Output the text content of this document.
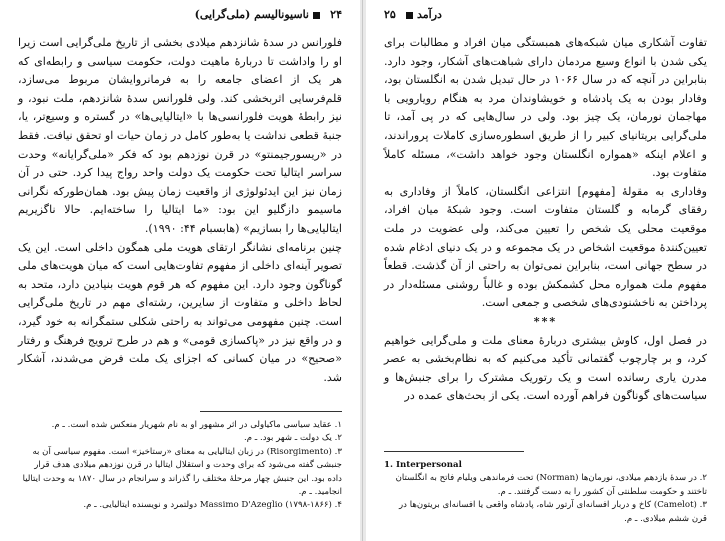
۲۴
ناسیونالیسم (ملی‌گرایی)

فلورانس در سدهٔ شانزدهم میلادی بخشی از تاریخ ملی‌گرایی است زیرا او را واداشت تا دربارهٔ ماهیت دولت، حکومت سیاسی و رابطه‌ای که هر یک از اعضای جامعه را به فرمانروایشان مربوط می‌سازد، قلم‌فرسایی اثربخشی کند. ولی فلورانس سدهٔ شانزدهم، ملت نبود، و نیز رابطهٔ هویت فلورانسی‌ها با «ایتالیایی‌ها» در گستره و وسیع‌تر، یا، جنبهٔ قطعی نداشت یا به‌طور کامل در زمان حیات او تحقق نیافت. فقط در «ریسورجیمنتو» در قرن نوزدهم بود که فکر «ملی‌گرایانه» وحدت سراسر ایتالیا تحت حکومت یک دولت واحد رواج پیدا کرد. حتی در آن زمان نیز این ایدئولوژی از واقعیت زمان پیش بود. همان‌طورکه نگرانی ماسیمو دازگلیو این بود: «ما ایتالیا را ساخته‌ایم. حالا ناگزیریم ایتالیایی‌ها را بسازیم» (هابسبام ۴۴: ۱۹۹۰).

چنین برنامه‌ای نشانگر ارتقای هویت ملی همگون داخلی است. این یک تصویر آینه‌ای داخلی از مفهوم تفاوت‌هایی است که میان هویت‌های ملی گوناگون وجود دارد. این مفهوم که هر قوم هویت بنیادین دارد، متحد به لحاظ داخلی و متفاوت از سایرین، رشته‌ای مهم در تاریخ ملی‌گرایی است. چنین مفهومی می‌تواند به راحتی شکلی ستمگرانه به خود گیرد، و در واقع نیز در «پاکسازی قومی» و هم در طرح ترویج فرهنگ و رفتار «صحیح» در میان کسانی که اجزای یک ملت فرض می‌شدند، آشکار شد.

۱. عقاید سیاسی ماکیاولی در اثر مشهور او به نام شهریار منعکس شده است. ـ م.

۲. یک دولت ـ شهر بود. ـ م.

۳. (Risorgimento) در زبان ایتالیایی به معنای «رستاخیز» است. مفهوم سیاسی آن به جنبشی گفته می‌شود که برای وحدت و استقلال ایتالیا در قرن نوزدهم میلادی هدف قرار داده بود. این جنبش چهار مرحلهٔ مختلف را گذراند و سرانجام در سال ۱۸۷۰ به وحدت ایتالیا انجامید. ـ م.

۴. Massimo D'Azeglio (۱۷۹۸-۱۸۶۶) دولتمرد و نویسنده ایتالیایی. ـ م.

درآمد
۲۵

تفاوت آشکاری میان شبکه‌های همبستگی میان افراد و مطالبات برای یکی شدن با انواع وسیع مردمان دارای شباهت‌های آشکار، وجود دارد. بنابراین در آنچه که در سال ۱۰۶۶ در حال تبدیل شدن به انگلستان بود، وفادار بودن به یک پادشاه و خویشاوندان مرد به هنگام رویارویی با مهاجمان نورمان، یک چیز بود. ولی در سال‌هایی که در پی آمد، تا ملی‌گرایی بریتانیای کبیر را از طریق اسطوره‌سازی کاملات پروراندند، و اعلام اینکه «همواره انگلستان وجود خواهد داشت»، مسئله کاملاً متفاوت بود.

وفاداری به مقولهٔ [مفهوم] انتزاعی انگلستان، کاملاً از وفاداری به رفقای گرمابه و گلستان متفاوت است. وجود شبکهٔ میان افراد، موقعیت محلی یک شخص را تعیین می‌کند، ولی عضویت در ملت تعیین‌کنندهٔ موقعیت اشخاص در یک مجموعه و در یک دنیای ادغام شده در سطح جهانی است، بنابراین نمی‌توان به راحتی از آن گذشت. قطعاً مفهوم ملت همواره محل کشمکش بوده و غالباً روشنی مسئله‌دار در پرداختن به ناخشنودی‌های شخصی و جمعی است.

***

در فصل اول، کاوش بیشتری دربارهٔ معنای ملت و ملی‌گرایی خواهیم کرد، و بر چارچوب گفتمانی تأکید می‌کنیم که به نظام‌بخشی به عصر مدرن یاری رسانده است و یک رتوریک مشترک را برای جنبش‌ها و سیاست‌های گوناگون فراهم آورده است. یکی از بحث‌های عمده در

1. Interpersonal

۲. در سدهٔ یازدهم میلادی، نورمان‌ها (Norman) تحت فرماندهی ویلیام فاتح به انگلستان تاختند و حکومت سلطنتی آن کشور را به دست گرفتند. ـ م.

۳. (Camelot) کاخ و دربار افسانه‌ای آرتور شاه، پادشاه واقعی یا افسانه‌ای بریتون‌ها در قرن ششم میلادی. ـ م.
